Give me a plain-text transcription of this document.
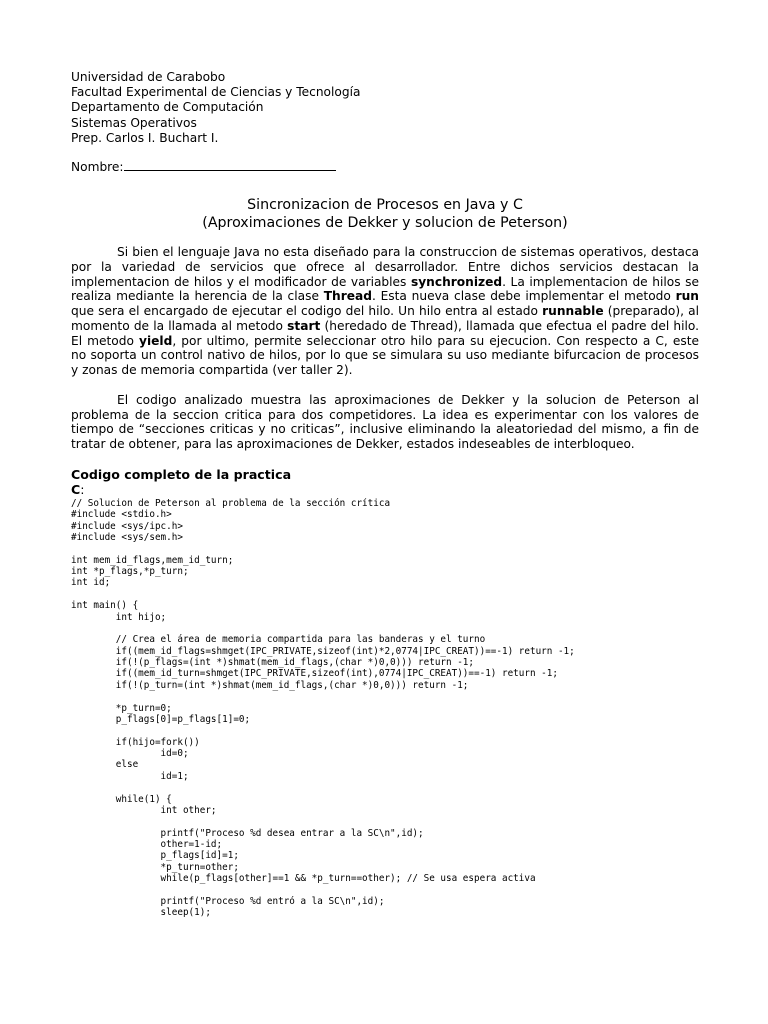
Universidad de Carabobo
Facultad Experimental de Ciencias y Tecnología
Departamento de Computación
Sistemas Operativos
Prep. Carlos I. Buchart I.
Nombre:
Sincronizacion de Procesos en Java y C
(Aproximaciones de Dekker y solucion de Peterson)

Si bien el lenguaje Java no esta diseñado para la construccion de sistemas operativos, destaca por la variedad de servicios que ofrece al desarrollador. Entre dichos servicios destacan la implementacion de hilos y el modificador de variables synchronized. La implementacion de hilos se realiza mediante la herencia de la clase Thread. Esta nueva clase debe implementar el metodo run que sera el encargado de ejecutar el codigo del hilo. Un hilo entra al estado runnable (preparado), al momento de la llamada al metodo start (heredado de Thread), llamada que efectua el padre del hilo. El metodo yield, por ultimo, permite seleccionar otro hilo para su ejecucion. Con respecto a C, este no soporta un control nativo de hilos, por lo que se simulara su uso mediante bifurcacion de procesos y zonas de memoria compartida (ver taller 2).

El codigo analizado muestra las aproximaciones de Dekker y la solucion de Peterson al problema de la seccion critica para dos competidores. La idea es experimentar con los valores de tiempo de “secciones criticas y no criticas”, inclusive eliminando la aleatoriedad del mismo, a fin de tratar de obtener, para las aproximaciones de Dekker, estados indeseables de interbloqueo.

Codigo completo de la practica
C:
// Solucion de Peterson al problema de la sección crítica
#include <stdio.h>
#include <sys/ipc.h>
#include <sys/sem.h>

int mem_id_flags,mem_id_turn;
int *p_flags,*p_turn;
int id;

int main() {
int hijo;

// Crea el área de memoria compartida para las banderas y el turno
if((mem_id_flags=shmget(IPC_PRIVATE,sizeof(int)*2,0774|IPC_CREAT))==-1) return -1;
if(!(p_flags=(int *)shmat(mem_id_flags,(char *)0,0))) return -1;
if((mem_id_turn=shmget(IPC_PRIVATE,sizeof(int),0774|IPC_CREAT))==-1) return -1;
if(!(p_turn=(int *)shmat(mem_id_flags,(char *)0,0))) return -1;

*p_turn=0;
p_flags[0]=p_flags[1]=0;

if(hijo=fork())
id=0;
else
id=1;

while(1) {
int other;

printf("Proceso %d desea entrar a la SC\n",id);
other=1-id;
p_flags[id]=1;
*p_turn=other;
while(p_flags[other]==1 && *p_turn==other); // Se usa espera activa

printf("Proceso %d entró a la SC\n",id);
sleep(1);
